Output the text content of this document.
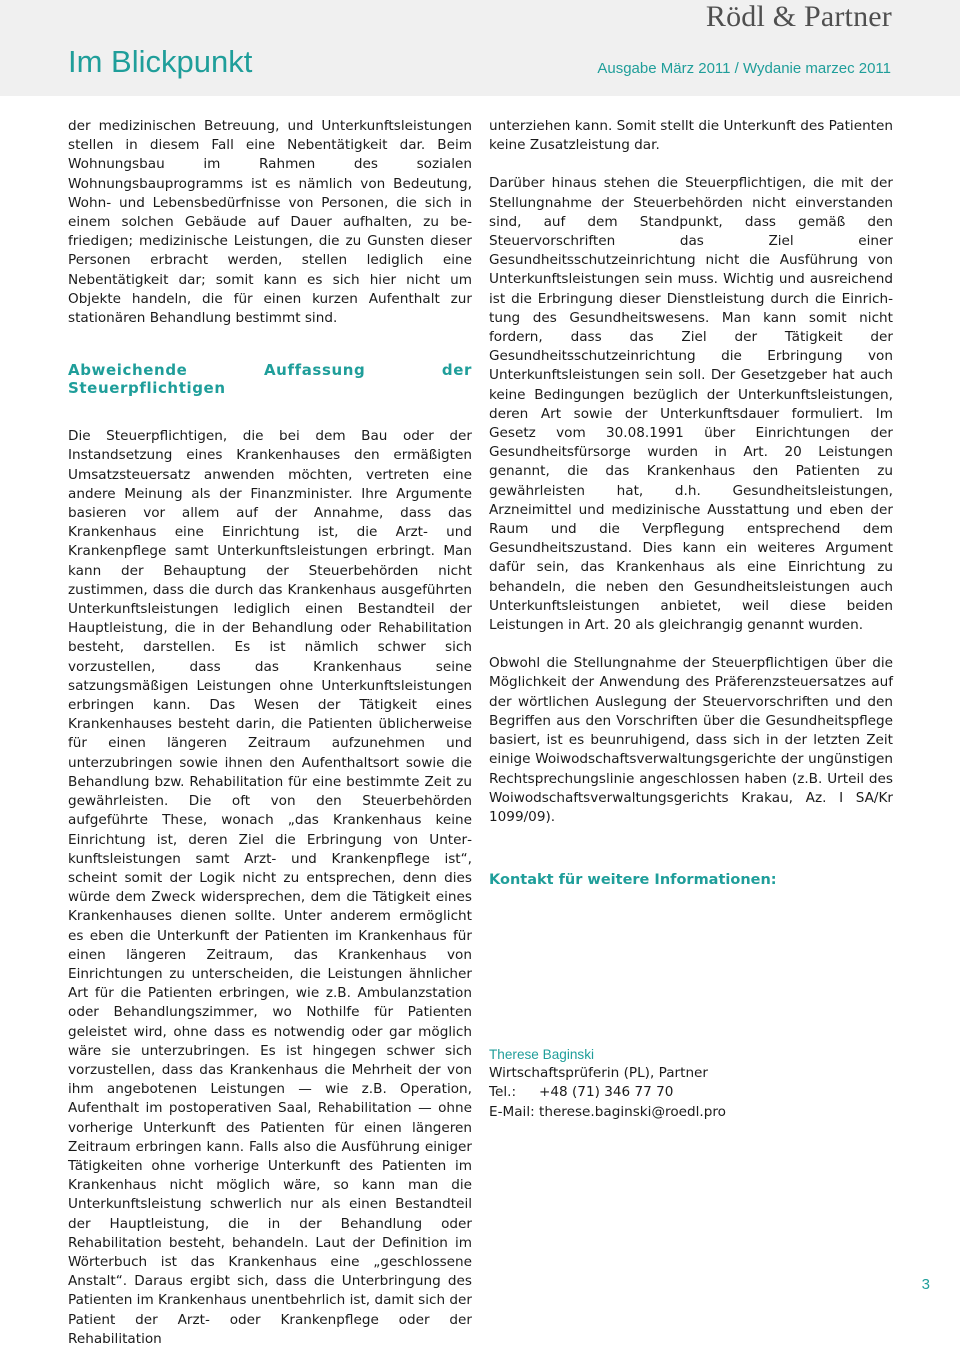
Rödl & Partner
Im Blickpunkt	Ausgabe März 2011 / Wydanie marzec 2011

der medizinischen Betreuung, und Unterkunftsleistungen stellen in diesem Fall eine Nebentätigkeit dar. Beim Wohnungsbau im Rahmen des sozialen Wohnungsbauprogramms ist es nämlich von Bedeutung, Wohn- und Lebensbedürfnisse von Personen, die sich in einem solchen Gebäude auf Dauer aufhalten, zu befriedigen; medizinische Leistungen, die zu Gunsten dieser Personen erbracht werden, stellen lediglich eine Nebentätigkeit dar; somit kann es sich hier nicht um Objekte handeln, die für einen kurzen Aufenthalt zur stationären Behandlung bestimmt sind.

Abweichende Auffassung der Steuerpflichtigen

Die Steuerpflichtigen, die bei dem Bau oder der Instandsetzung eines Krankenhauses den ermäßigten Umsatzsteuersatz anwenden möchten, vertreten eine andere Meinung als der Finanzminister. Ihre Argumente basieren vor allem auf der Annahme, dass das Krankenhaus eine Einrichtung ist, die Arzt- und Krankenpflege samt Unterkunftsleistungen erbringt. Man kann der Behauptung der Steuerbehörden nicht zustimmen, dass die durch das Krankenhaus ausgeführten Unterkunftsleistungen lediglich einen Bestandteil der Hauptleistung, die in der Behandlung oder Rehabilitation besteht, darstellen. Es ist nämlich schwer sich vorzustellen, dass das Krankenhaus seine satzungsmäßigen Leistungen ohne Unterkunftsleistungen erbringen kann. Das Wesen der Tätigkeit eines Krankenhauses besteht darin, die Patienten üblicherweise für einen längeren Zeitraum aufzunehmen und unterzubringen sowie ihnen den Aufenthaltsort sowie die Behandlung bzw. Rehabilitation für eine bestimmte Zeit zu gewährleisten. Die oft von den Steuerbehörden aufgeführte These, wonach „das Krankenhaus keine Einrichtung ist, deren Ziel die Erbringung von Unterkunftsleistungen samt Arzt- und Krankenpflege ist“, scheint somit der Logik nicht zu entsprechen, denn dies würde dem Zweck widersprechen, dem die Tätigkeit eines Krankenhauses dienen sollte. Unter anderem ermöglicht es eben die Unterkunft der Patienten im Krankenhaus für einen längeren Zeitraum, das Krankenhaus von Einrichtungen zu unterscheiden, die Leistungen ähnlicher Art für die Patienten erbringen, wie z.B. Ambulanzstation oder Behandlungszimmer, wo Nothilfe für Patienten geleistet wird, ohne dass es notwendig oder gar möglich wäre sie unterzubringen. Es ist hingegen schwer sich vorzustellen, dass das Krankenhaus die Mehrheit der von ihm angebotenen Leistungen — wie z.B. Operation, Aufenthalt im postoperativen Saal, Rehabilitation — ohne vorherige Unterkunft des Patienten für einen längeren Zeitraum erbringen kann. Falls also die Ausführung einiger Tätigkeiten ohne vorherige Unterkunft des Patienten im Krankenhaus nicht möglich wäre, so kann man die Unterkunftsleistung schwerlich nur als einen Bestandteil der Hauptleistung, die in der Behandlung oder Rehabilitation besteht, behandeln. Laut der Definition im Wörterbuch ist das Krankenhaus eine „geschlossene Anstalt“. Daraus ergibt sich, dass die Unterbringung des Patienten im Krankenhaus unentbehrlich ist, damit sich der Patient der Arzt- oder Krankenpflege oder der Rehabilitation

unterziehen kann. Somit stellt die Unterkunft des Patienten keine Zusatzleistung dar.

Darüber hinaus stehen die Steuerpflichtigen, die mit der Stellungnahme der Steuerbehörden nicht einverstanden sind, auf dem Standpunkt, dass gemäß den Steuervorschriften das Ziel einer Gesundheitsschutzeinrichtung nicht die Ausführung von Unterkunftsleistungen sein muss. Wichtig und ausreichend ist die Erbringung dieser Dienstleistung durch die Einrichtung des Gesundheitswesens. Man kann somit nicht fordern, dass das Ziel der Tätigkeit der Gesundheitsschutzeinrichtung die Erbringung von Unterkunftsleistungen sein soll. Der Gesetzgeber hat auch keine Bedingungen bezüglich der Unterkunftsleistungen, deren Art sowie der Unterkunftsdauer formuliert. Im Gesetz vom 30.08.1991 über Einrichtungen der Gesundheitsfürsorge wurden in Art. 20 Leistungen genannt, die das Krankenhaus den Patienten zu gewährleisten hat, d.h. Gesundheitsleistungen, Arzneimittel und medizinische Ausstattung und eben der Raum und die Verpflegung entsprechend dem Gesundheitszustand. Dies kann ein weiteres Argument dafür sein, das Krankenhaus als eine Einrichtung zu behandeln, die neben den Gesundheitsleistungen auch Unterkunftsleistungen anbietet, weil diese beiden Leistungen in Art. 20 als gleichrangig genannt wurden.

Obwohl die Stellungnahme der Steuerpflichtigen über die Möglichkeit der Anwendung des Präferenzsteuersatzes auf der wörtlichen Auslegung der Steuervorschriften und den Begriffen aus den Vorschriften über die Gesundheitspflege basiert, ist es beunruhigend, dass sich in der letzten Zeit einige Woiwodschaftsverwaltungsgerichte der ungünstigen Rechtsprechungslinie angeschlossen haben (z.B. Urteil des Woiwodschaftsverwaltungsgerichts Krakau, Az. I SA/Kr 1099/09).

Kontakt für weitere Informationen:

Therese Baginski

Wirtschaftsprüferin (PL), Partner

Tel.:	+48 (71) 346 77 70

E-Mail: therese.baginski@roedl.pro

3
